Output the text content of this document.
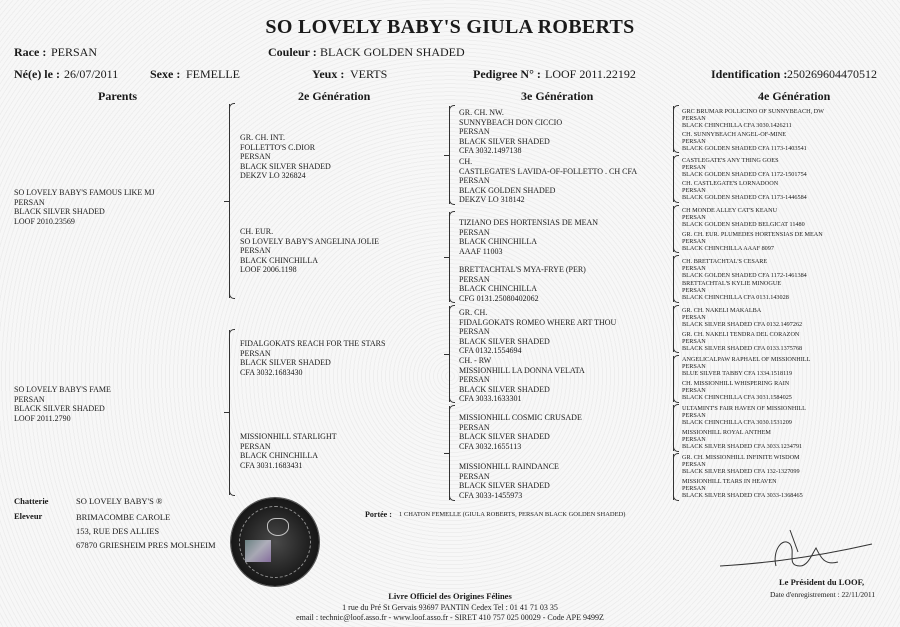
SO LOVELY BABY'S GIULA ROBERTS
Race : PERSAN	Couleur : BLACK GOLDEN SHADED
Né(e) le : 26/07/2011	Sexe : FEMELLE	Yeux : VERTS	Pedigree N° : LOOF 2011.22192	Identification : 250269604470512
Parents	2e Génération	3e Génération	4e Génération
SO LOVELY BABY'S FAMOUS LIKE MJ
PERSAN
BLACK SILVER SHADED
LOOF 2010.23569
SO LOVELY BABY'S FAME
PERSAN
BLACK SILVER SHADED
LOOF 2011.2790
GR. CH. INT.
FOLLETTO'S C.DIOR
PERSAN
BLACK SILVER SHADED
DEKZV LO 326824
CH. EUR.
SO LOVELY BABY'S ANGELINA JOLIE
PERSAN
BLACK CHINCHILLA
LOOF 2006.1198
FIDALGOKATS REACH FOR THE STARS
PERSAN
BLACK SILVER SHADED
CFA 3032.1683430
MISSIONHILL STARLIGHT
PERSAN
BLACK CHINCHILLA
CFA 3031.1683431
GR. CH. NW.
SUNNYBEACH DON CICCIO
PERSAN
BLACK SILVER SHADED
CFA 3032.1497138
CH.
CASTLEGATE'S LAVIDA-OF-FOLLETTO . CH CFA
PERSAN
BLACK GOLDEN SHADED
DEKZV LO 318142
TIZIANO DES HORTENSIAS DE MEAN
PERSAN
BLACK CHINCHILLA
AAAF 11003
BRETTACHTAL'S MYA-FRYE (PER)
PERSAN
BLACK CHINCHILLA
CFG 0131.25080402062
GR. CH.
FIDALGOKATS ROMEO WHERE ART THOU
PERSAN
BLACK SILVER SHADED
CFA 0132.1554694
CH. - RW
MISSIONHILL LA DONNA VELATA
PERSAN
BLACK SILVER SHADED
CFA 3033.1633301
MISSIONHILL COSMIC CRUSADE
PERSAN
BLACK SILVER SHADED
CFA 3032.1655113
MISSIONHILL RAINDANCE
PERSAN
BLACK SILVER SHADED
CFA 3033-1455973
GRC BRUMAR POLLICINO OF SUNNYBEACH, DW
PERSAN
BLACK CHINCHILLA CFA 3030.1426211
CH. SUNNYBEACH ANGEL-OF-MINE
PERSAN
BLACK GOLDEN SHADED CFA 1173-1403541
CASTLEGATE'S ANY THING GOES
PERSAN
BLACK GOLDEN SHADED CFA 1172-1501754
CH. CASTLEGATE'S LORNADOON
PERSAN
BLACK GOLDEN SHADED CFA 1173-1446584
CH MONDE ALLEY CAT'S KEANU
PERSAN
BLACK GOLDEN SHADED BELGICAT 11480
GR. CH. EUR. PLUMEDES HORTENSIAS DE MEAN
PERSAN
BLACK CHINCHILLA AAAF 8097
CH. BRETTACHTAL'S CESARE
PERSAN
BLACK GOLDEN SHADED CFA 1172-1461384
BRETTACHTAL'S KYLIE MINOGUE
PERSAN
BLACK CHINCHILLA CFA 0131.143028
GR. CH. NAKELI MAKALBA
PERSAN
BLACK SILVER SHADED CFA 0132.1497262
GR. CH. NAKELI TENDRA DEL CORAZON
PERSAN
BLACK SILVER SHADED CFA 0133.1375768
ANGELICALPAW RAPHAEL OF MISSIONHILL
PERSAN
BLUE SILVER TABBY CFA 1334.1518119
CH. MISSIONHILL WHISPERING RAIN
PERSAN
BLACK CHINCHILLA CFA 3031.1584025
ULTAMINT'S FAIR HAVEN OF MISSIONHILL
PERSAN
BLACK CHINCHILLA CFA 3030.1531209
MISSIONHILL ROYAL ANTHEM
PERSAN
BLACK SILVER SHADED CFA 3033.1234791
GR. CH. MISSIONHILL INFINITE WISDOM
PERSAN
BLACK SILVER SHADED CFA 132-1327099
MISSIONHILL TEARS IN HEAVEN
PERSAN
BLACK SILVER SHADED CFA 3033-1368465
Chatterie	SO LOVELY BABY'S ®
Eleveur	BRIMACOMBE CAROLE
153, RUE DES ALLIES
67870 GRIESHEIM PRES MOLSHEIM
Portée : 1 CHATON FEMELLE (GIULA ROBERTS, PERSAN BLACK GOLDEN SHADED)
Le Président du LOOF,
Date d'enregistrement : 22/11/2011
Livre Officiel des Origines Félines
1 rue du Pré St Gervais 93697 PANTIN Cedex Tel : 01 41 71 03 35
email : technic@loof.asso.fr - www.loof.asso.fr - SIRET 410 757 025 00029 - Code APE 9499Z
